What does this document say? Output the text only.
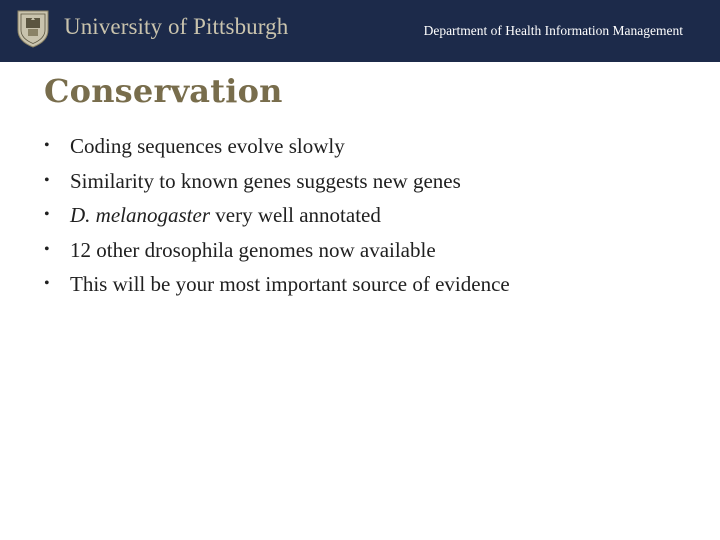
University of Pittsburgh	Department of Health Information Management
Conservation
• Coding sequences evolve slowly
• Similarity to known genes suggests new genes
• D. melanogaster very well annotated
• 12 other drosophila genomes now available
• This will be your most important source of evidence
